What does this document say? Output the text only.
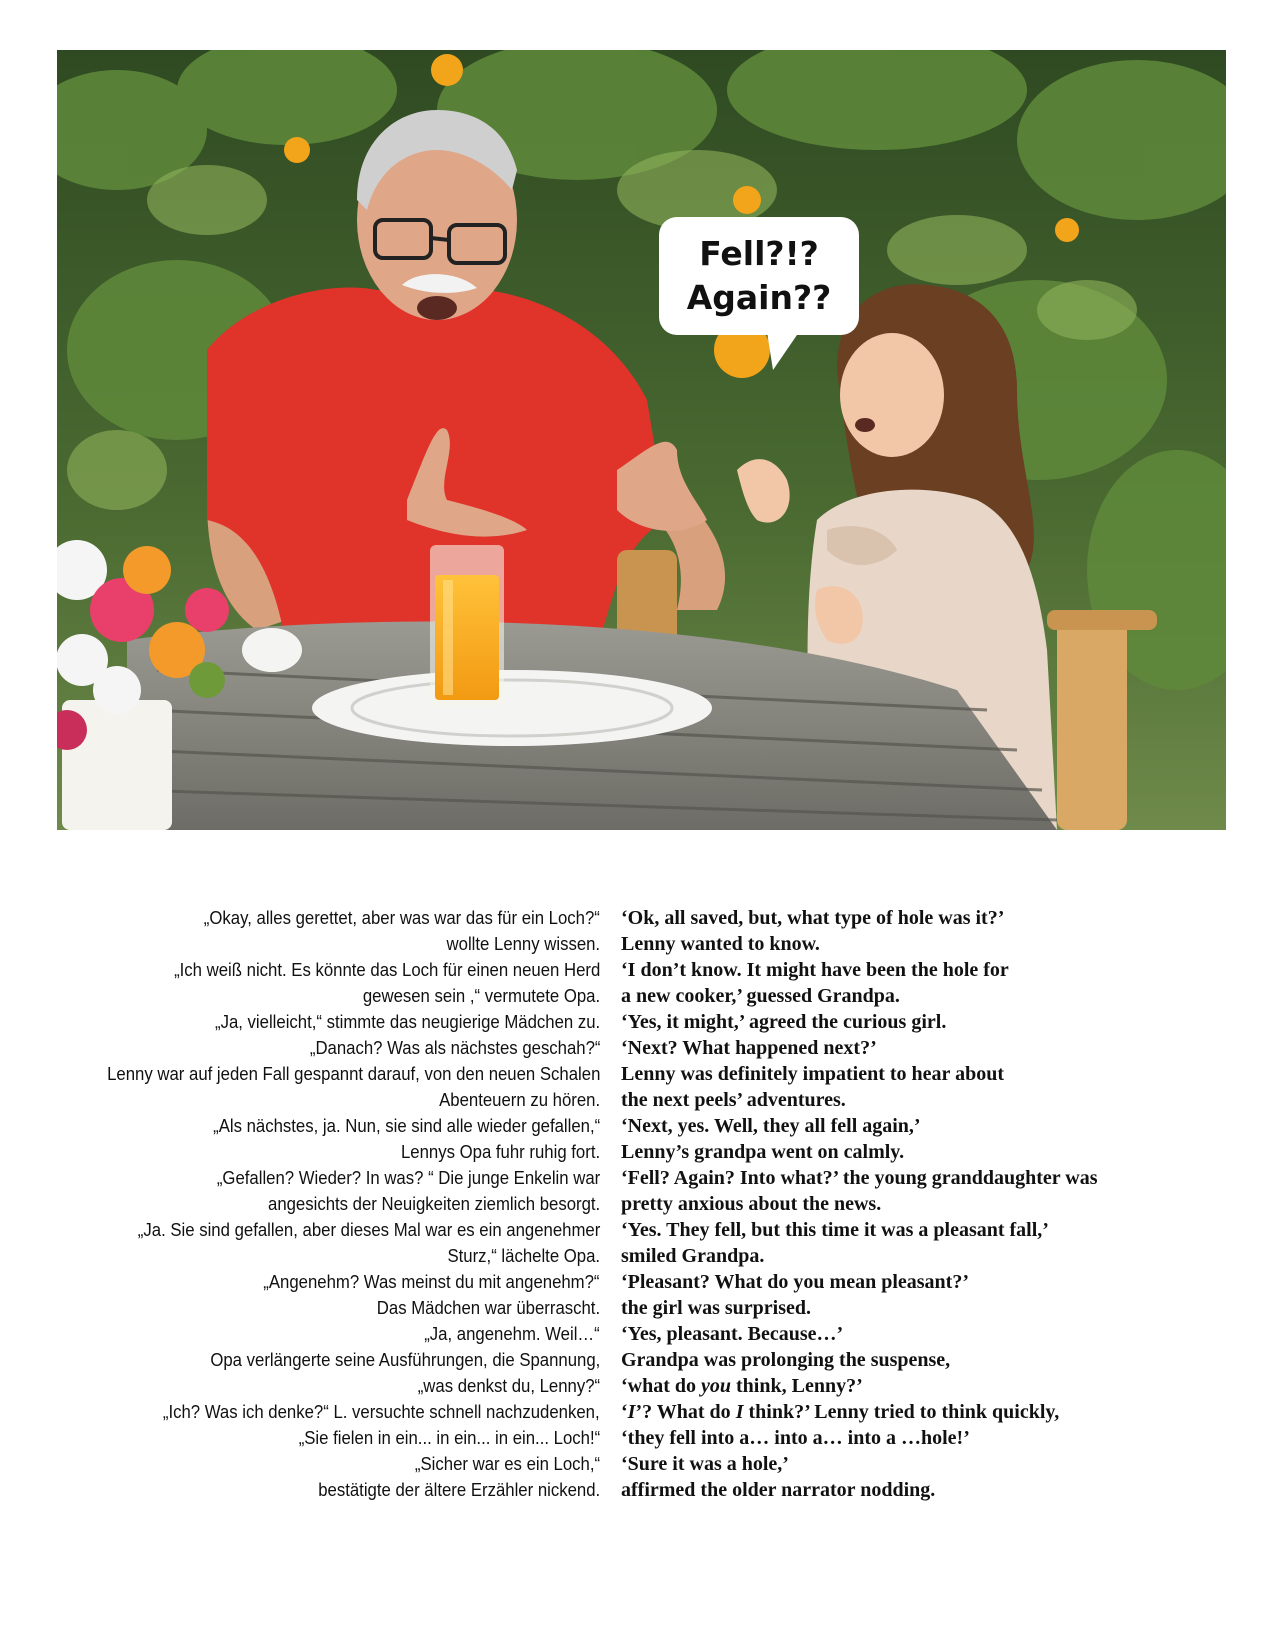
Fell?!?
Again??
„Okay, alles gerettet, aber was war das für ein Loch?“ ‘Ok, all saved, but, what type of hole was it?’
wollte Lenny wissen. Lenny wanted to know.
„Ich weiß nicht. Es könnte das Loch für einen neuen Herd ‘I don’t know. It might have been the hole for
gewesen sein ,“ vermutete Opa. a new cooker,’ guessed Grandpa.
„Ja, vielleicht,“ stimmte das neugierige Mädchen zu. ‘Yes, it might,’ agreed the curious girl.
„Danach? Was als nächstes geschah?“ ‘Next? What happened next?’
Lenny war auf jeden Fall gespannt darauf, von den neuen Schalen Lenny was definitely impatient to hear about
Abenteuern zu hören. the next peels’ adventures.
„Als nächstes, ja. Nun, sie sind alle wieder gefallen,“ ‘Next, yes. Well, they all fell again,’
Lennys Opa fuhr ruhig fort. Lenny’s grandpa went on calmly.
„Gefallen? Wieder? In was? “ Die junge Enkelin war ‘Fell? Again? Into what?’ the young granddaughter was
angesichts der Neuigkeiten ziemlich besorgt. pretty anxious about the news.
„Ja. Sie sind gefallen, aber dieses Mal war es ein angenehmer ‘Yes. They fell, but this time it was a pleasant fall,’
Sturz,“ lächelte Opa. smiled Grandpa.
„Angenehm? Was meinst du mit angenehm?“ ‘Pleasant? What do you mean pleasant?’
Das Mädchen war überrascht. the girl was surprised.
„Ja, angenehm. Weil…“ ‘Yes, pleasant. Because…’
Opa verlängerte seine Ausführungen, die Spannung, Grandpa was prolonging the suspense,
„was denkst du, Lenny?“ ‘what do you think, Lenny?’
„Ich? Was ich denke?“ L. versuchte schnell nachzudenken, ‘I’? What do I think?’ Lenny tried to think quickly,
„Sie fielen in ein... in ein... in ein... Loch!“ ‘they fell into a… into a… into a …hole!’
„Sicher war es ein Loch,“ ‘Sure it was a hole,’
bestätigte der ältere Erzähler nickend. affirmed the older narrator nodding.
